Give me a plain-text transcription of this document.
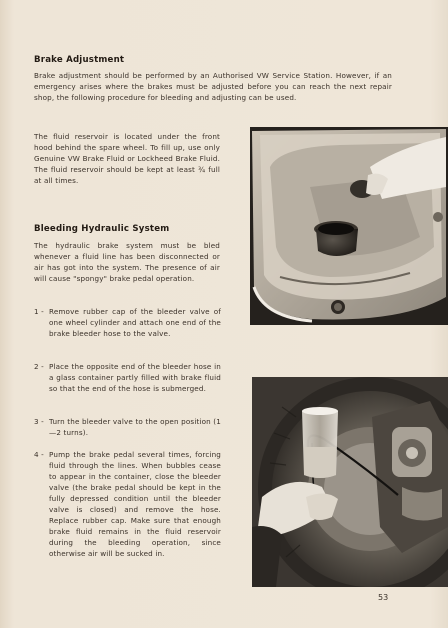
Brake Adjustment
Brake adjustment should be performed by an Authorised VW Service Station. However, if an emergency arises where the brakes must be adjusted before you can reach the next repair shop, the following procedure for bleeding and adjusting can be used.
The fluid reservoir is located under the front hood behind the spare wheel. To fill up, use only Genuine VW Brake Fluid or Lockheed Brake Fluid. The fluid reservoir should be kept at least ¾ full at all times.
Bleeding Hydraulic System
The hydraulic brake system must be bled whenever a fluid line has been disconnected or air has got into the system. The presence of air will cause "spongy" brake pedal operation.
1 - Remove rubber cap of the bleeder valve of one wheel cylinder and attach one end of the brake bleeder hose to the valve.
2 - Place the opposite end of the bleeder hose in a glass container partly filled with brake fluid so that the end of the hose is submerged.
3 - Turn the bleeder valve to the open position (1—2 turns).
4 - Pump the brake pedal several times, forcing fluid through the lines. When bubbles cease to appear in the container, close the bleeder valve (the brake pedal should be kept in the fully depressed condition until the bleeder valve is closed) and remove the hose. Replace rubber cap. Make sure that enough brake fluid remains in the fluid reservoir during the bleeding operation, since otherwise air will be sucked in.
53
